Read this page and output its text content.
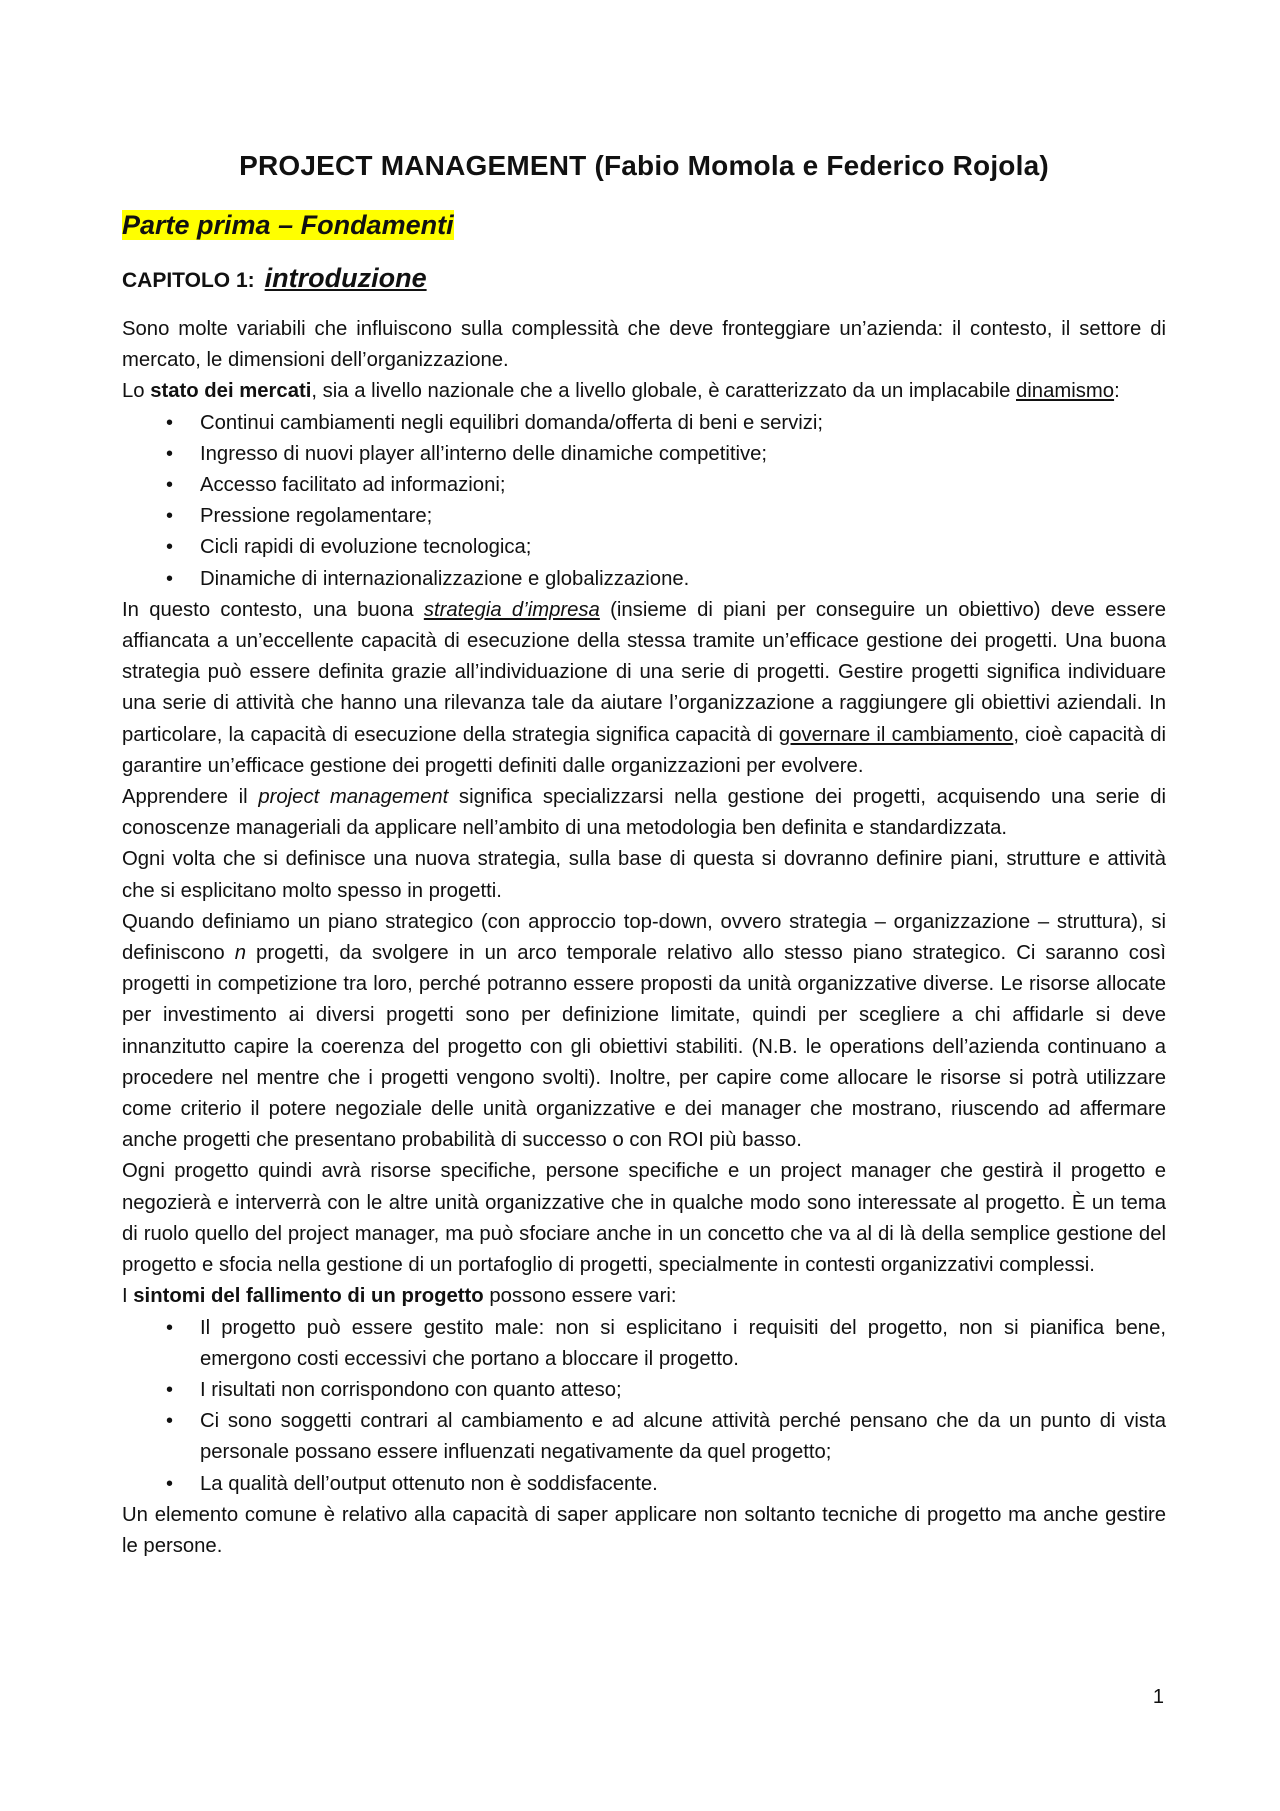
PROJECT MANAGEMENT (Fabio Momola e Federico Rojola)
Parte prima – Fondamenti
CAPITOLO 1: introduzione

Sono molte variabili che influiscono sulla complessità che deve fronteggiare un’azienda: il contesto, il settore di mercato, le dimensioni dell’organizzazione.

Lo stato dei mercati, sia a livello nazionale che a livello globale, è caratterizzato da un implacabile dinamismo:

• Continui cambiamenti negli equilibri domanda/offerta di beni e servizi;
• Ingresso di nuovi player all’interno delle dinamiche competitive;
• Accesso facilitato ad informazioni;
• Pressione regolamentare;
• Cicli rapidi di evoluzione tecnologica;
• Dinamiche di internazionalizzazione e globalizzazione.

In questo contesto, una buona strategia d’impresa (insieme di piani per conseguire un obiettivo) deve essere affiancata a un’eccellente capacità di esecuzione della stessa tramite un’efficace gestione dei progetti. Una buona strategia può essere definita grazie all’individuazione di una serie di progetti. Gestire progetti significa individuare una serie di attività che hanno una rilevanza tale da aiutare l’organizzazione a raggiungere gli obiettivi aziendali. In particolare, la capacità di esecuzione della strategia significa capacità di governare il cambiamento, cioè capacità di garantire un’efficace gestione dei progetti definiti dalle organizzazioni per evolvere.

Apprendere il project management significa specializzarsi nella gestione dei progetti, acquisendo una serie di conoscenze manageriali da applicare nell’ambito di una metodologia ben definita e standardizzata.

Ogni volta che si definisce una nuova strategia, sulla base di questa si dovranno definire piani, strutture e attività che si esplicitano molto spesso in progetti.

Quando definiamo un piano strategico (con approccio top-down, ovvero strategia – organizzazione – struttura), si definiscono n progetti, da svolgere in un arco temporale relativo allo stesso piano strategico. Ci saranno così progetti in competizione tra loro, perché potranno essere proposti da unità organizzative diverse. Le risorse allocate per investimento ai diversi progetti sono per definizione limitate, quindi per scegliere a chi affidarle si deve innanzitutto capire la coerenza del progetto con gli obiettivi stabiliti. (N.B. le operations dell’azienda continuano a procedere nel mentre che i progetti vengono svolti). Inoltre, per capire come allocare le risorse si potrà utilizzare come criterio il potere negoziale delle unità organizzative e dei manager che mostrano, riuscendo ad affermare anche progetti che presentano probabilità di successo o con ROI più basso.

Ogni progetto quindi avrà risorse specifiche, persone specifiche e un project manager che gestirà il progetto e negozierà e interverrà con le altre unità organizzative che in qualche modo sono interessate al progetto. È un tema di ruolo quello del project manager, ma può sfociare anche in un concetto che va al di là della semplice gestione del progetto e sfocia nella gestione di un portafoglio di progetti, specialmente in contesti organizzativi complessi.

I sintomi del fallimento di un progetto possono essere vari:

• Il progetto può essere gestito male: non si esplicitano i requisiti del progetto, non si pianifica bene, emergono costi eccessivi che portano a bloccare il progetto.
• I risultati non corrispondono con quanto atteso;
• Ci sono soggetti contrari al cambiamento e ad alcune attività perché pensano che da un punto di vista personale possano essere influenzati negativamente da quel progetto;
• La qualità dell’output ottenuto non è soddisfacente.

Un elemento comune è relativo alla capacità di saper applicare non soltanto tecniche di progetto ma anche gestire le persone.

1
